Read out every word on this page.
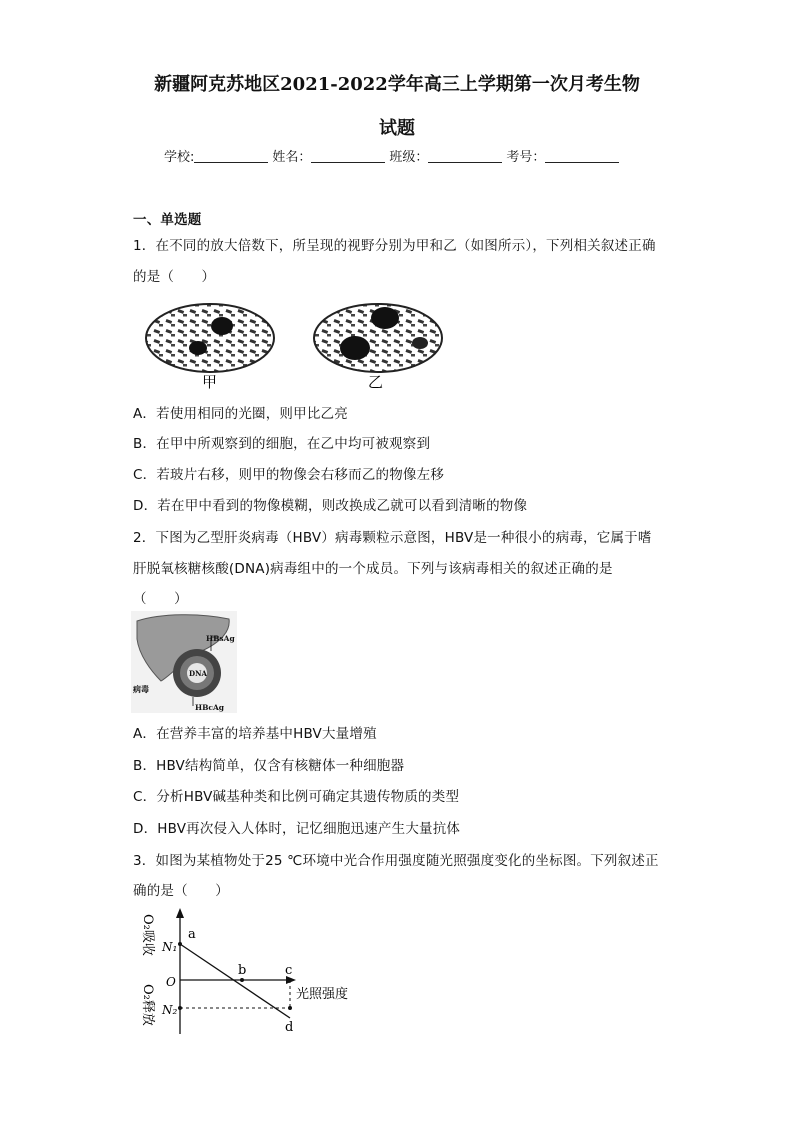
新疆阿克苏地区2021-2022学年高三上学期第一次月考生物
试题
学校:	姓名：	班级：	考号：
一、单选题
1．在不同的放大倍数下，所呈现的视野分别为甲和乙（如图所示），下列相关叙述正确
的是（　　）
甲	乙
A．若使用相同的光圈，则甲比乙亮
B．在甲中所观察到的细胞，在乙中均可被观察到
C．若玻片右移，则甲的物像会右移而乙的物像左移
D．若在甲中看到的物像模糊，则改换成乙就可以看到清晰的物像
2．下图为乙型肝炎病毒（HBV）病毒颗粒示意图，HBV是一种很小的病毒，它属于嗜
肝脱氧核糖核酸(DNA)病毒组中的一个成员。下列与该病毒相关的叙述正确的是
（　　）
DNA
HBsAg
HBcAg
病毒
A．在营养丰富的培养基中HBV大量增殖
B．HBV结构简单，仅含有核糖体一种细胞器
C．分析HBV碱基种类和比例可确定其遗传物质的类型
D．HBV再次侵入人体时，记忆细胞迅速产生大量抗体
3．如图为某植物处于25 ℃环境中光合作用强度随光照强度变化的坐标图。下列叙述正
确的是（　　）
O₂吸收
O₂释放
N₁
O
N₂
a
b	c
d
光照强度
